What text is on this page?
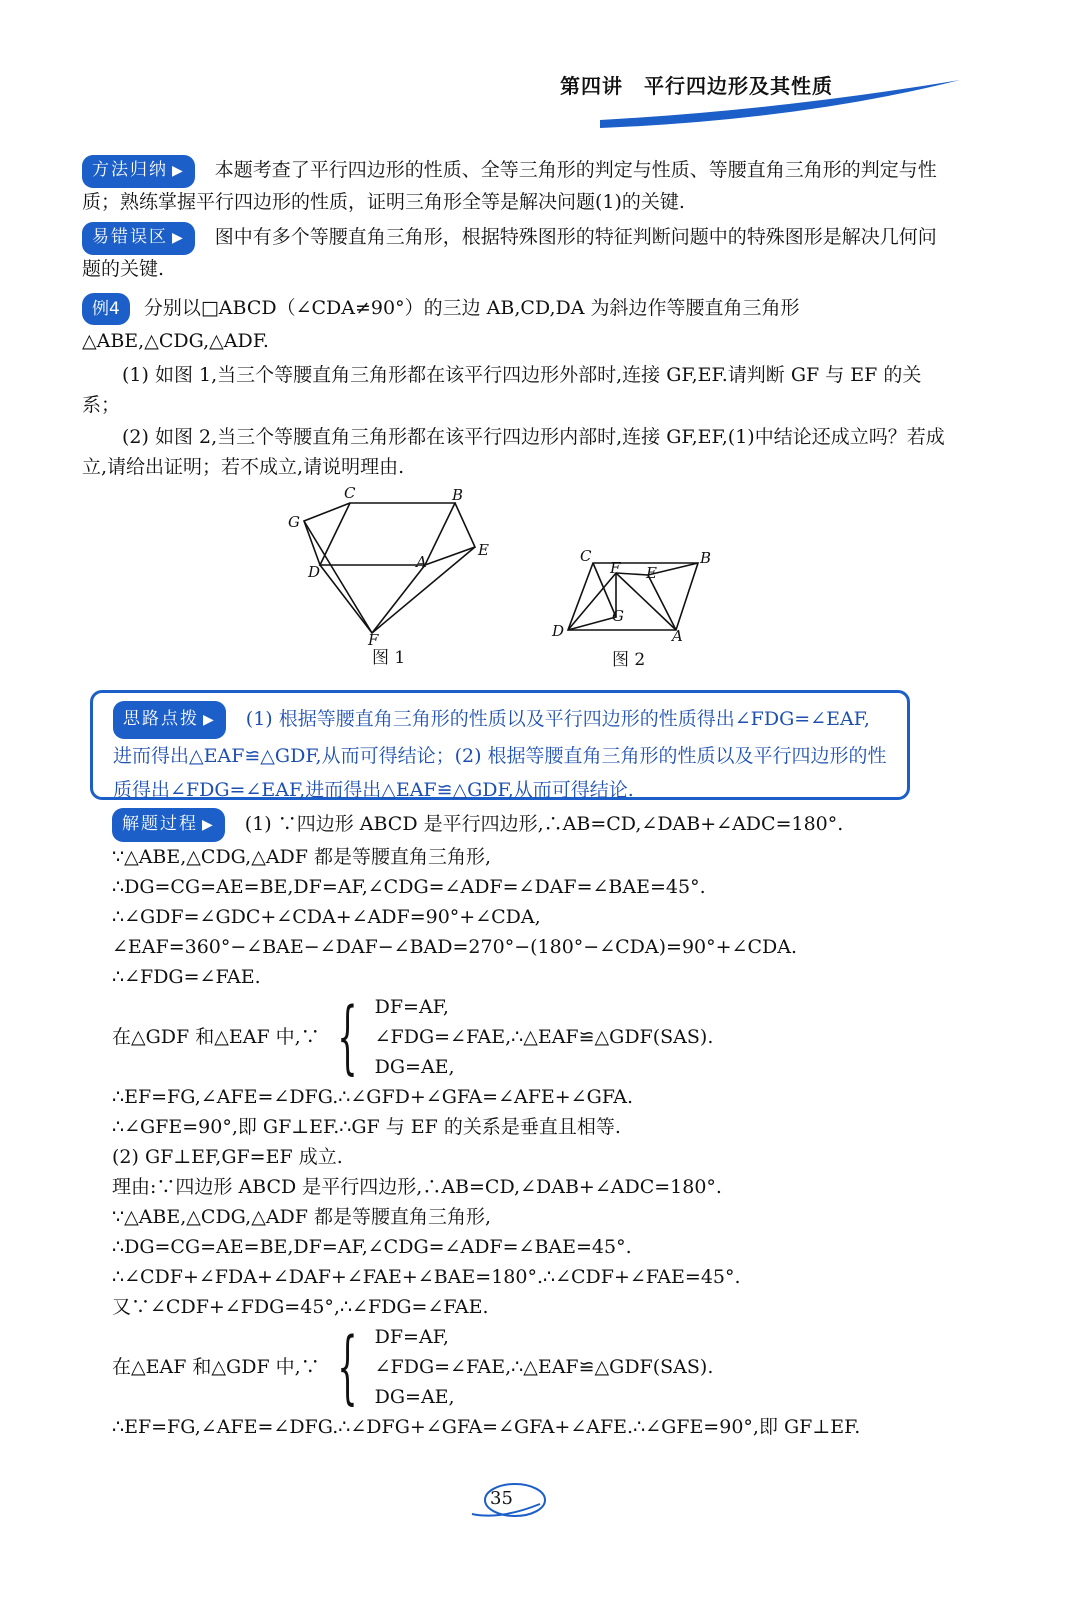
第四讲　平行四边形及其性质
方法归纳 ▶ 本题考查了平行四边形的性质、全等三角形的判定与性质、等腰直角三角形的判定与性质；熟练掌握平行四边形的性质，证明三角形全等是解决问题(1)的关键.
易错误区 ▶ 图中有多个等腰直角三角形，根据特殊图形的特征判断问题中的特殊图形是解决几何问题的关键.
例4 分别以□ABCD（∠CDA≠90°）的三边 AB,CD,DA 为斜边作等腰直角三角形△ABE,△CDG,△ADF.
(1) 如图 1,当三个等腰直角三角形都在该平行四边形外部时,连接 GF,EF.请判断 GF 与 EF 的关系；
(2) 如图 2,当三个等腰直角三角形都在该平行四边形内部时,连接 GF,EF,(1)中结论还成立吗？若成立,请给出证明；若不成立,请说明理由.
C	B
G
E
A
D
F
图 1
C	B
F E
G
D	A
图 2
思路点拨 ▶ (1) 根据等腰直角三角形的性质以及平行四边形的性质得出∠FDG=∠EAF,进而得出△EAF≌△GDF,从而可得结论；(2) 根据等腰直角三角形的性质以及平行四边形的性质得出∠FDG=∠EAF,进而得出△EAF≌△GDF,从而可得结论.
解题过程 ▶ (1) ∵四边形 ABCD 是平行四边形,∴AB=CD,∠DAB+∠ADC=180°.
∵△ABE,△CDG,△ADF 都是等腰直角三角形,
∴DG=CG=AE=BE,DF=AF,∠CDG=∠ADF=∠DAF=∠BAE=45°.
∴∠GDF=∠GDC+∠CDA+∠ADF=90°+∠CDA,
∠EAF=360°−∠BAE−∠DAF−∠BAD=270°−(180°−∠CDA)=90°+∠CDA.
∴∠FDG=∠FAE.
在△GDF 和△EAF 中,∵ { DF=AF,
∠FDG=∠FAE,∴△EAF≌△GDF(SAS).
DG=AE,
∴EF=FG,∠AFE=∠DFG.∴∠GFD+∠GFA=∠AFE+∠GFA.
∴∠GFE=90°,即 GF⊥EF.∴GF 与 EF 的关系是垂直且相等.
(2) GF⊥EF,GF=EF 成立.
理由:∵四边形 ABCD 是平行四边形,∴AB=CD,∠DAB+∠ADC=180°.
∵△ABE,△CDG,△ADF 都是等腰直角三角形,
∴DG=CG=AE=BE,DF=AF,∠CDG=∠ADF=∠BAE=45°.
∴∠CDF+∠FDA+∠DAF+∠FAE+∠BAE=180°.∴∠CDF+∠FAE=45°.
又∵∠CDF+∠FDG=45°,∴∠FDG=∠FAE.
在△EAF 和△GDF 中,∵ { DF=AF,
∠FDG=∠FAE,∴△EAF≌△GDF(SAS).
DG=AE,
∴EF=FG,∠AFE=∠DFG.∴∠DFG+∠GFA=∠GFA+∠AFE.∴∠GFE=90°,即 GF⊥EF.
35
